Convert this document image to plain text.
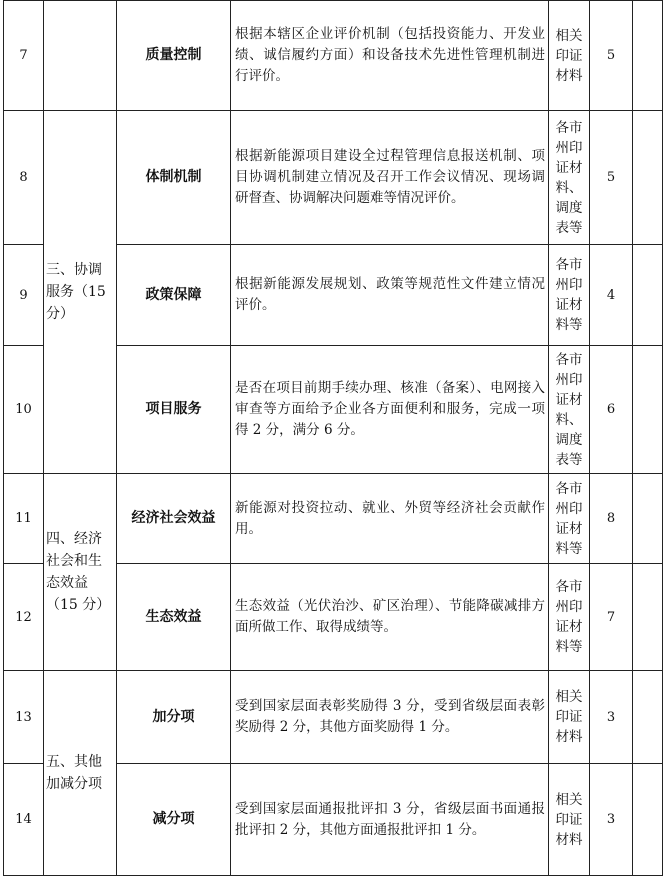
7		质量控制	根据本辖区企业评价机制（包括投资能力、开发业绩、诚信履约方面）和设备技术先进性管理机制进行评价。	相关印证材料	5	
8	三、协调服务（15 分）	体制机制	根据新能源项目建设全过程管理信息报送机制、项目协调机制建立情况及召开工作会议情况、现场调研督查、协调解决问题难等情况评价。	各市州印证材料、调度表等	5	
9		政策保障	根据新能源发展规划、政策等规范性文件建立情况评价。	各市州印证材料等	4	
10		项目服务	是否在项目前期手续办理、核准（备案）、电网接入审查等方面给予企业各方面便利和服务，完成一项得 2 分，满分 6 分。	各市州印证材料、调度表等	6	
11	四、经济社会和生态效益（15 分）	经济社会效益	新能源对投资拉动、就业、外贸等经济社会贡献作用。	各市州印证材料等	8	
12		生态效益	生态效益（光伏治沙、矿区治理）、节能降碳减排方面所做工作、取得成绩等。	各市州印证材料等	7	
13	五、其他加减分项	加分项	受到国家层面表彰奖励得 3 分，受到省级层面表彰奖励得 2 分，其他方面奖励得 1 分。	相关印证材料	3	
14		减分项	受到国家层面通报批评扣 3 分，省级层面书面通报批评扣 2 分，其他方面通报批评扣 1 分。	相关印证材料	3	
